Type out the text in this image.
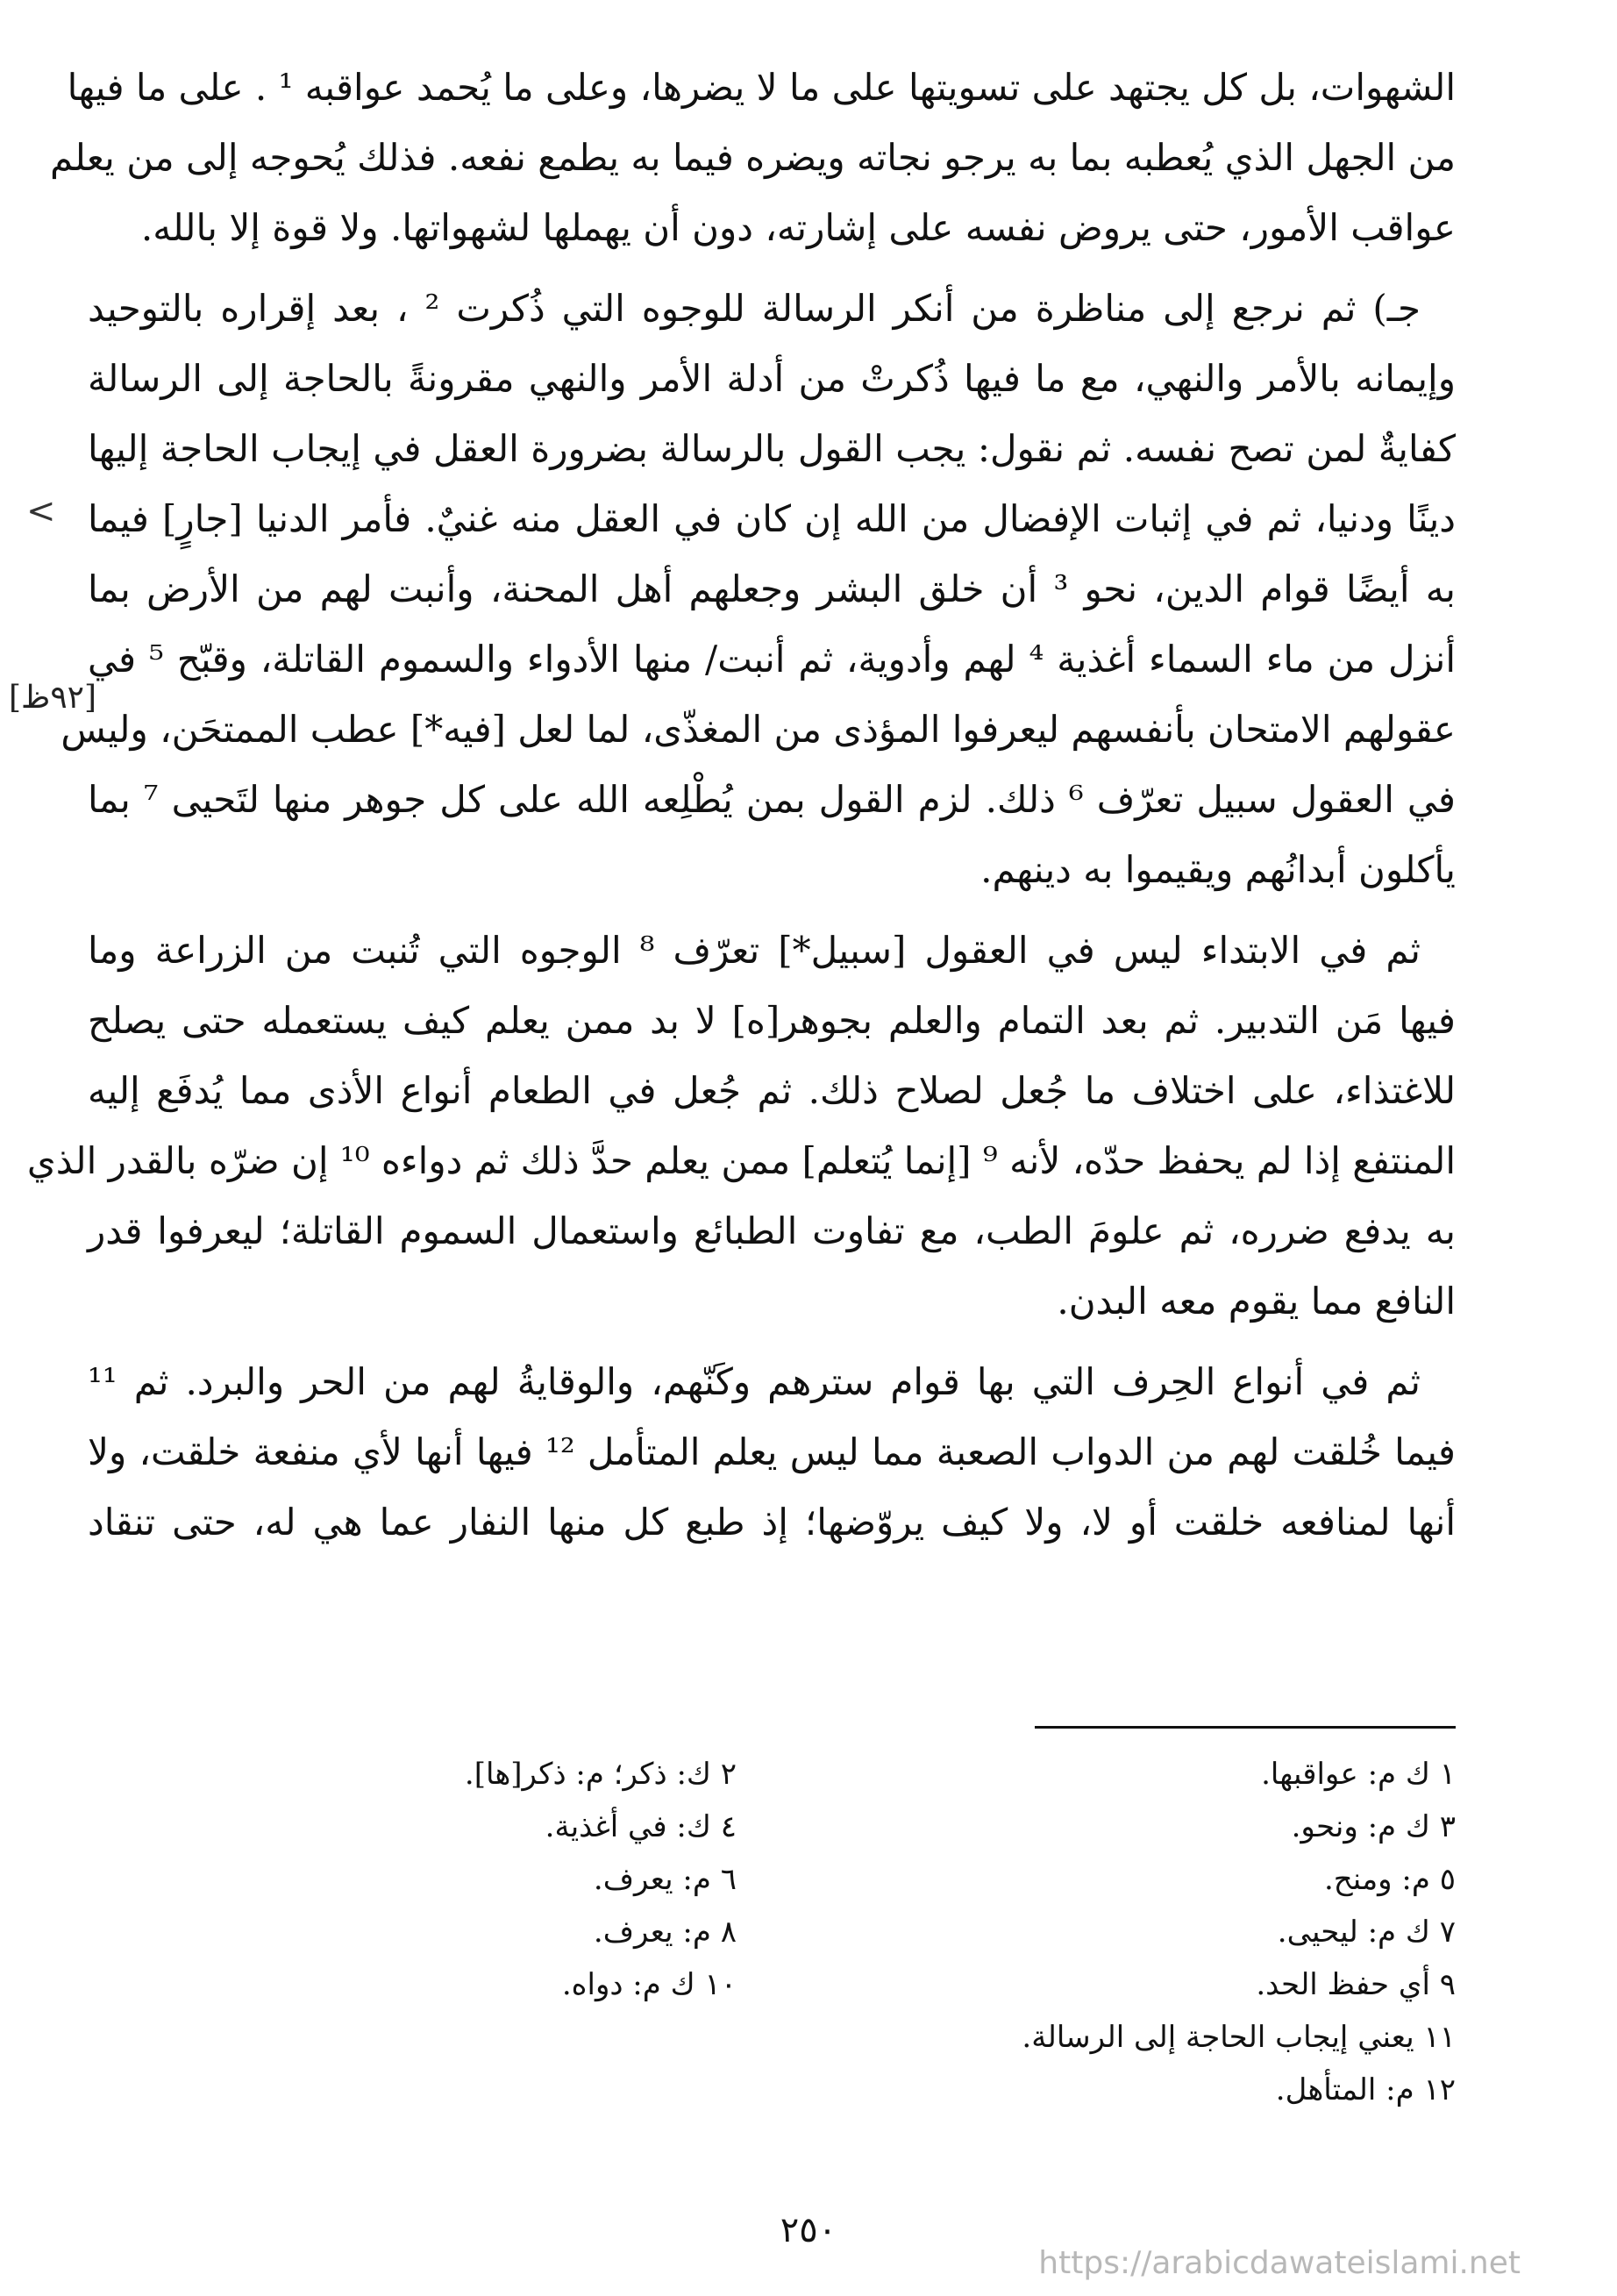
الشهوات، بل كل يجتهد على تسويتها على ما لا يضرها، وعلى ما يُحمد عواقبه ¹ . على ما فيها
من الجهل الذي يُعطبه بما به يرجو نجاته ويضره فيما به يطمع نفعه. فذلك يُحوجه إلى من يعلم
عواقب الأمور، حتى يروض نفسه على إشارته، دون أن يهملها لشهواتها. ولا قوة إلا بالله.
جـ) ثم نرجع إلى مناظرة من أنكر الرسالة للوجوه التي ذُكرت ² ، بعد إقراره بالتوحيد
وإيمانه بالأمر والنهي، مع ما فيها ذُكرتْ من أدلة الأمر والنهي مقرونةً بالحاجة إلى الرسالة
كفايةٌ لمن تصح نفسه. ثم نقول: يجب القول بالرسالة بضرورة العقل في إيجاب الحاجة إليها
دينًا ودنيا، ثم في إثبات الإفضال من الله إن كان في العقل منه غنيٌ. فأمر الدنيا [جارٍ] فيما
به أيضًا قوام الدين، نحو ³ أن خلق البشر وجعلهم أهل المحنة، وأنبت لهم من الأرض بما
أنزل من ماء السماء أغذية ⁴ لهم وأدوية، ثم أنبت/ منها الأدواء والسموم القاتلة، وقبّح ⁵ في
عقولهم الامتحان بأنفسهم ليعرفوا المؤذى من المغذّى، لما لعل [فيه*] عطب الممتحَن، وليس
في العقول سبيل تعرّف ⁶ ذلك. لزم القول بمن يُطْلِعه الله على كل جوهر منها لتَحيى ⁷ بما
يأكلون أبدانُهم ويقيموا به دينهم.
ثم في الابتداء ليس في العقول [سبيل*] تعرّف ⁸ الوجوه التي تُنبت من الزراعة وما
فيها مَن التدبير. ثم بعد التمام والعلم بجوهر[ه] لا بد ممن يعلم كيف يستعمله حتى يصلح
للاغتذاء، على اختلاف ما جُعل لصلاح ذلك. ثم جُعل في الطعام أنواع الأذى مما يُدفَع إليه
المنتفع إذا لم يحفظ حدّه، لأنه ⁹ [إنما يُتعلم] ممن يعلم حدَّ ذلك ثم دواءه ¹⁰ إن ضرّه بالقدر الذي
به يدفع ضرره، ثم علومَ الطب، مع تفاوت الطبائع واستعمال السموم القاتلة؛ ليعرفوا قدر
النافع مما يقوم معه البدن.
ثم في أنواع الحِرف التي بها قوام سترهم وكَنّهم، والوقايةُ لهم من الحر والبرد. ثم ¹¹
فيما خُلقت لهم من الدواب الصعبة مما ليس يعلم المتأمل ¹² فيها أنها لأي منفعة خلقت، ولا
أنها لمنافعه خلقت أو لا، ولا كيف يروّضها؛ إذ طبع كل منها النفار عما هي له، حتى تنقاد
<
[٩٢ظ]
١ ك م: عواقبها.
٢ ك: ذكر؛ م: ذكر[ها].
٣ ك م: ونحو.
٤ ك: في أغذية.
٥ م: ومنح.
٦ م: يعرف.
٧ ك م: ليحيى.
٨ م: يعرف.
٩ أي حفظ الحد.
١٠ ك م: دواه.
١١ يعني إيجاب الحاجة إلى الرسالة.
١٢ م: المتأهل.
٢٥٠
https://arabicdawateislami.net
